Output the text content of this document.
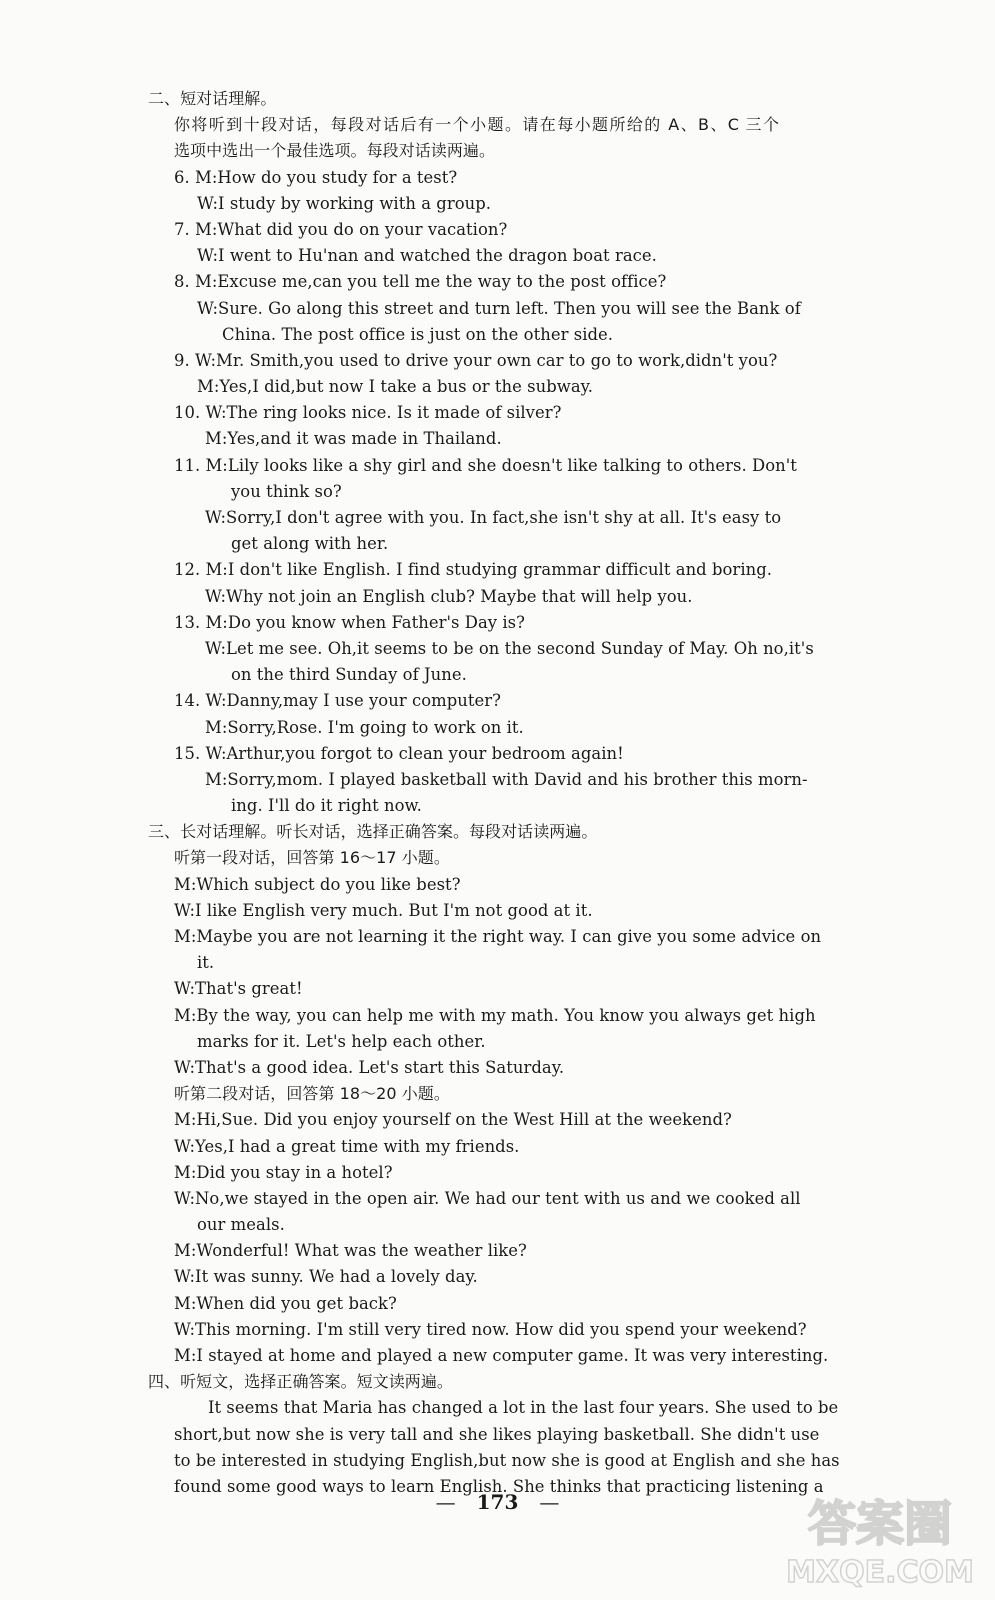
二、短对话理解。
你将听到十段对话，每段对话后有一个小题。请在每小题所给的 A、B、C 三个
选项中选出一个最佳选项。每段对话读两遍。
6. M:How do you study for a test?
W:I study by working with a group.
7. M:What did you do on your vacation?
W:I went to Hu'nan and watched the dragon boat race.
8. M:Excuse me,can you tell me the way to the post office?
W:Sure. Go along this street and turn left. Then you will see the Bank of
China. The post office is just on the other side.
9. W:Mr. Smith,you used to drive your own car to go to work,didn't you?
M:Yes,I did,but now I take a bus or the subway.
10. W:The ring looks nice. Is it made of silver?
M:Yes,and it was made in Thailand.
11. M:Lily looks like a shy girl and she doesn't like talking to others. Don't
you think so?
W:Sorry,I don't agree with you. In fact,she isn't shy at all. It's easy to
get along with her.
12. M:I don't like English. I find studying grammar difficult and boring.
W:Why not join an English club? Maybe that will help you.
13. M:Do you know when Father's Day is?
W:Let me see. Oh,it seems to be on the second Sunday of May. Oh no,it's
on the third Sunday of June.
14. W:Danny,may I use your computer?
M:Sorry,Rose. I'm going to work on it.
15. W:Arthur,you forgot to clean your bedroom again!
M:Sorry,mom. I played basketball with David and his brother this morn-
ing. I'll do it right now.
三、长对话理解。听长对话，选择正确答案。每段对话读两遍。
听第一段对话，回答第 16～17 小题。
M:Which subject do you like best?
W:I like English very much. But I'm not good at it.
M:Maybe you are not learning it the right way. I can give you some advice on
it.
W:That's great!
M:By the way, you can help me with my math. You know you always get high
marks for it. Let's help each other.
W:That's a good idea. Let's start this Saturday.
听第二段对话，回答第 18～20 小题。
M:Hi,Sue. Did you enjoy yourself on the West Hill at the weekend?
W:Yes,I had a great time with my friends.
M:Did you stay in a hotel?
W:No,we stayed in the open air. We had our tent with us and we cooked all
our meals.
M:Wonderful! What was the weather like?
W:It was sunny. We had a lovely day.
M:When did you get back?
W:This morning. I'm still very tired now. How did you spend your weekend?
M:I stayed at home and played a new computer game. It was very interesting.
四、听短文，选择正确答案。短文读两遍。
It seems that Maria has changed a lot in the last four years. She used to be
short,but now she is very tall and she likes playing basketball. She didn't use
to be interested in studying English,but now she is good at English and she has
found some good ways to learn English. She thinks that practicing listening a
— 173 —	答案圈
MXQE.COM
